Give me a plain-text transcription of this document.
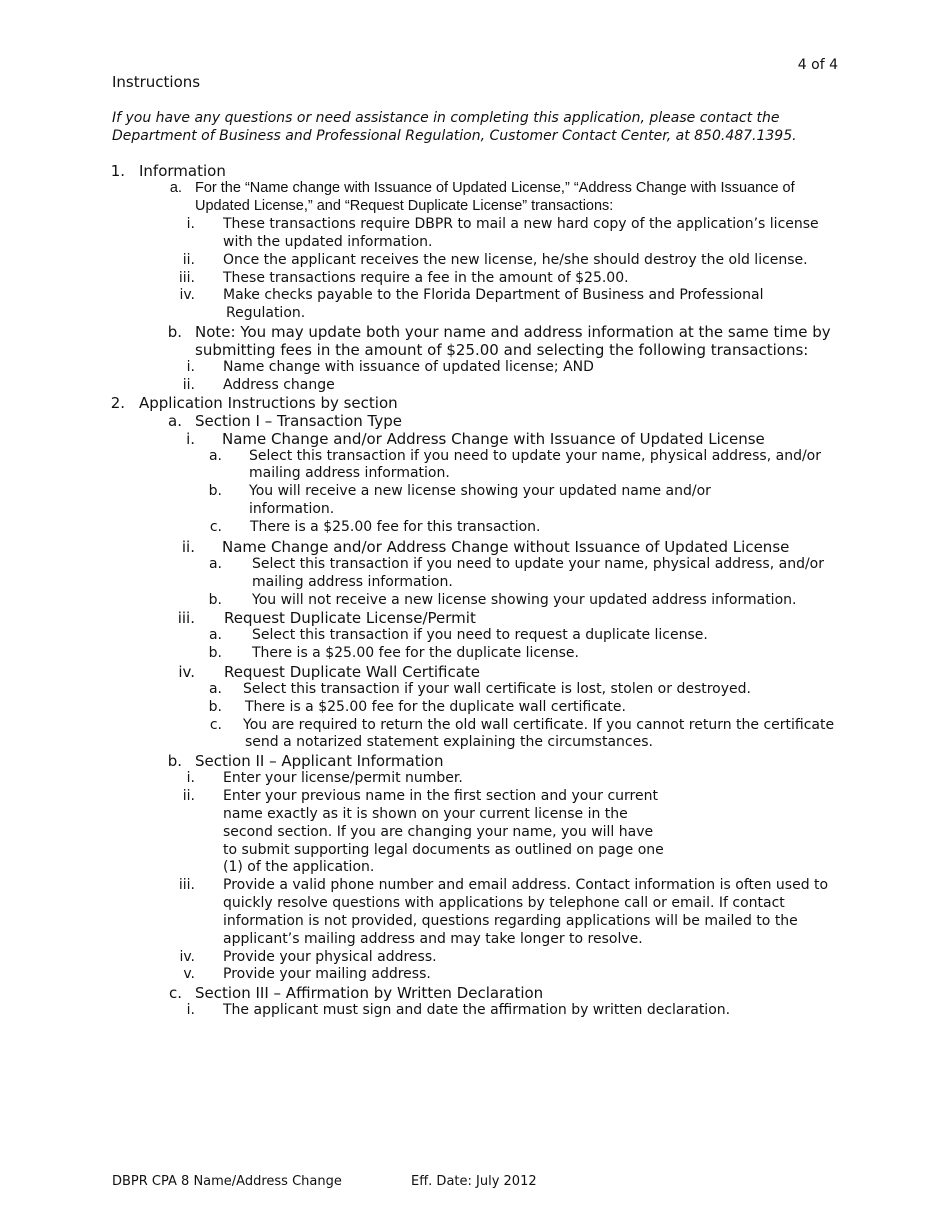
4 of 4
Instructions
If you have any questions or need assistance in completing this application, please contact the
Department of Business and Professional Regulation, Customer Contact Center, at 850.487.1395.
1. Information
a. For the “Name change with Issuance of Updated License,” “Address Change with Issuance of
Updated License,” and “Request Duplicate License” transactions:
i. These transactions require DBPR to mail a new hard copy of the application’s license
with the updated information.
ii. Once the applicant receives the new license, he/she should destroy the old license.
iii. These transactions require a fee in the amount of $25.00.
iv. Make checks payable to the Florida Department of Business and Professional
Regulation.
b. Note: You may update both your name and address information at the same time by
submitting fees in the amount of $25.00 and selecting the following transactions:
i. Name change with issuance of updated license; AND
ii. Address change
2. Application Instructions by section
a. Section I – Transaction Type
i. Name Change and/or Address Change with Issuance of Updated License
a. Select this transaction if you need to update your name, physical address, and/or
mailing address information.
b. You will receive a new license showing your updated name and/or
information.
c. There is a $25.00 fee for this transaction.
ii. Name Change and/or Address Change without Issuance of Updated License
a. Select this transaction if you need to update your name, physical address, and/or
mailing address information.
b. You will not receive a new license showing your updated address information.
iii. Request Duplicate License/Permit
a. Select this transaction if you need to request a duplicate license.
b. There is a $25.00 fee for the duplicate license.
iv. Request Duplicate Wall Certificate
a. Select this transaction if your wall certificate is lost, stolen or destroyed.
b. There is a $25.00 fee for the duplicate wall certificate.
c. You are required to return the old wall certificate. If you cannot return the certificate
send a notarized statement explaining the circumstances.
b. Section II – Applicant Information
i. Enter your license/permit number.
ii. Enter your previous name in the first section and your current
name exactly as it is shown on your current license in the
second section. If you are changing your name, you will have
to submit supporting legal documents as outlined on page one
(1) of the application.
iii. Provide a valid phone number and email address. Contact information is often used to
quickly resolve questions with applications by telephone call or email. If contact
information is not provided, questions regarding applications will be mailed to the
applicant’s mailing address and may take longer to resolve.
iv. Provide your physical address.
v. Provide your mailing address.
c. Section III – Affirmation by Written Declaration
i. The applicant must sign and date the affirmation by written declaration.
DBPR CPA 8 Name/Address Change	Eff. Date: July 2012
